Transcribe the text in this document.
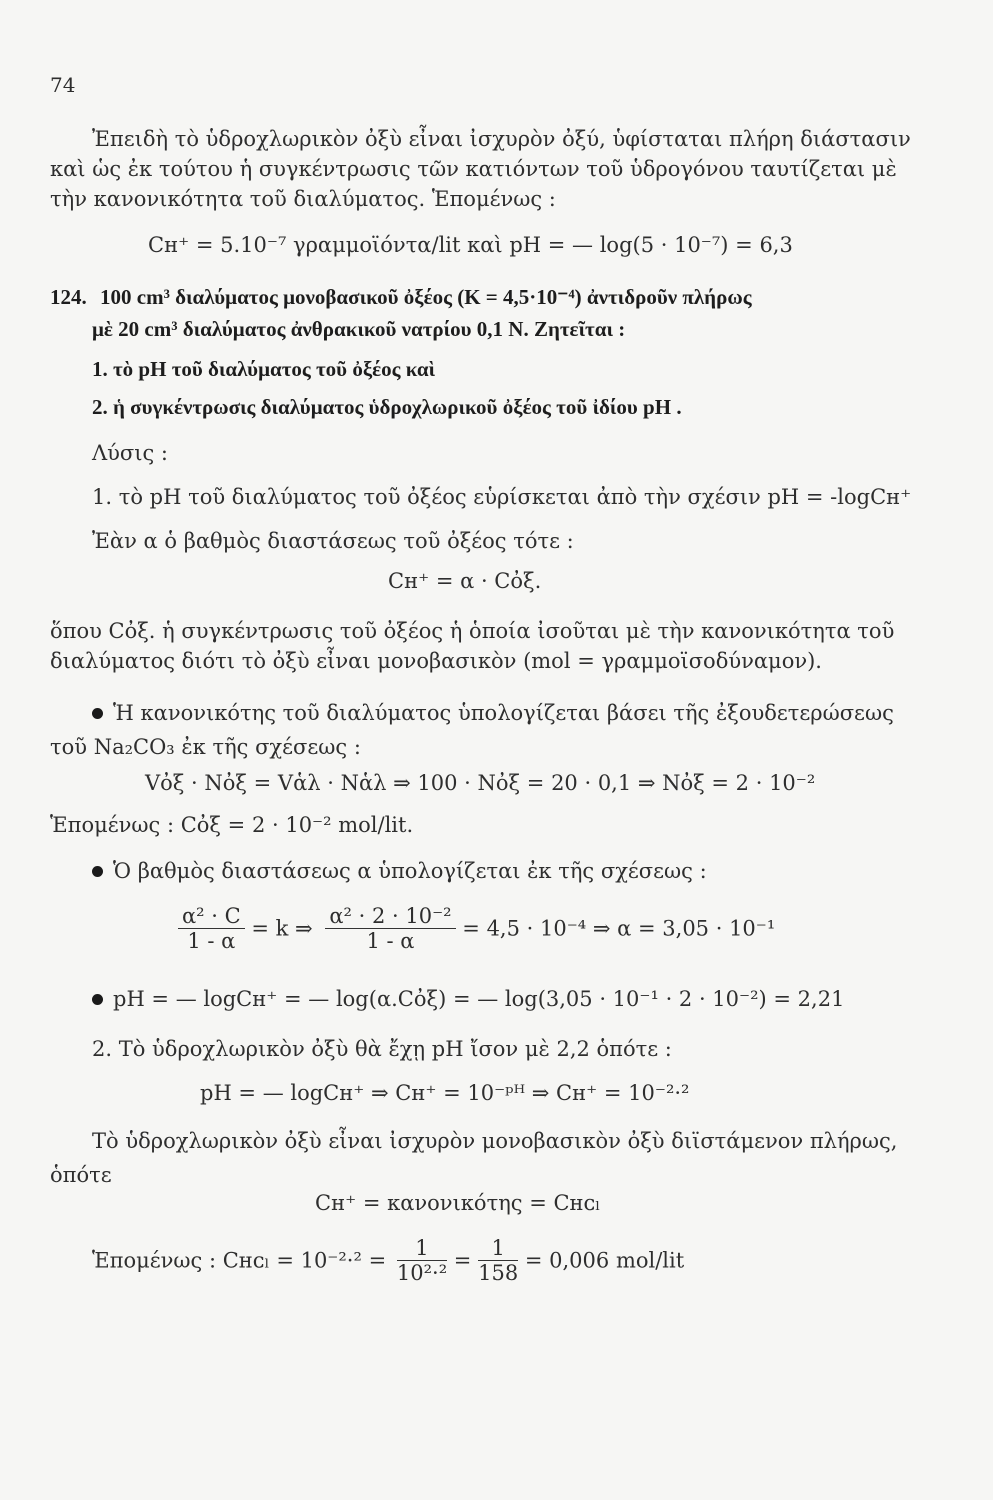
74
Ἐπειδὴ τὸ ὑδροχλωρικὸν ὀξὺ εἶναι ἰσχυρὸν ὀξύ, ὑφίσταται πλήρη διάστασιν
καὶ ὡς ἐκ τούτου ἡ συγκέντρωσις τῶν κατιόντων τοῦ ὑδρογόνου ταυτίζεται μὲ
τὴν κανονικότητα τοῦ διαλύματος. Ἑπομένως :
Cʜ⁺ = 5.10⁻⁷ γραμμοϊόντα/lit καὶ pH = — log(5 · 10⁻⁷) = 6,3
124. 100 cm³ διαλύματος μονοβασικοῦ ὀξέος (K = 4,5·10⁻⁴) ἀντιδροῦν πλήρως
μὲ 20 cm³ διαλύματος ἀνθρακικοῦ νατρίου 0,1 N. Ζητεῖται :
1. τὸ pH τοῦ διαλύματος τοῦ ὀξέος καὶ
2. ἡ συγκέντρωσις διαλύματος ὑδροχλωρικοῦ ὀξέος τοῦ ἰδίου pH .
Λύσις :
1. τὸ pH τοῦ διαλύματος τοῦ ὀξέος εὑρίσκεται ἀπὸ τὴν σχέσιν pH = -logCʜ⁺
Ἐὰν α ὁ βαθμὸς διαστάσεως τοῦ ὀξέος τότε :
Cʜ⁺ = α · Cὀξ.
ὅπου Cὀξ. ἡ συγκέντρωσις τοῦ ὀξέος ἡ ὁποία ἰσοῦται μὲ τὴν κανονικότητα τοῦ
διαλύματος διότι τὸ ὀξὺ εἶναι μονοβασικὸν (mol = γραμμοϊσοδύναμον).
Ἡ κανονικότης τοῦ διαλύματος ὑπολογίζεται βάσει τῆς ἐξουδετερώσεως
τοῦ Na₂CO₃ ἐκ τῆς σχέσεως :
Vὀξ · Nὀξ = Vἁλ · Nἁλ ⇒ 100 · Nὀξ = 20 · 0,1 ⇒ Nὀξ = 2 · 10⁻²
Ἑπομένως : Cὀξ = 2 · 10⁻² mol/lit.
Ὁ βαθμὸς διαστάσεως α ὑπολογίζεται ἐκ τῆς σχέσεως :
$\frac{\text{α² · C}}{1 - \alpha} = k$ ⇒ $\frac{\text{α² · 2 · 10⁻²}}{1 - \alpha} = 4,5 \cdot 10^{-4}$ ⇒ α = 3,05 · 10⁻¹
pH = — logCʜ⁺ = — log(α.Cὀξ) = — log(3,05 · 10⁻¹ · 2 · 10⁻²) = 2,21
2. Τὸ ὑδροχλωρικὸν ὀξὺ θὰ ἔχῃ pH ἴσον μὲ 2,2 ὁπότε :
pH = — logCʜ⁺ ⇒ Cʜ⁺ = 10⁻ᵖᴴ ⇒ Cʜ⁺ = 10⁻²·²
Τὸ ὑδροχλωρικὸν ὀξὺ εἶναι ἰσχυρὸν μονοβασικὸν ὀξὺ διϊστάμενον πλήρως,
ὁπότε
Cʜ⁺ = κανονικότης = Cʜᴄₗ
Ἑπομένως : Cʜᴄₗ = $10^{-2}\cdot^2 = \frac{1}{\text{10²·²}} = \frac{1}{158} = 0,006$ mol/lit
